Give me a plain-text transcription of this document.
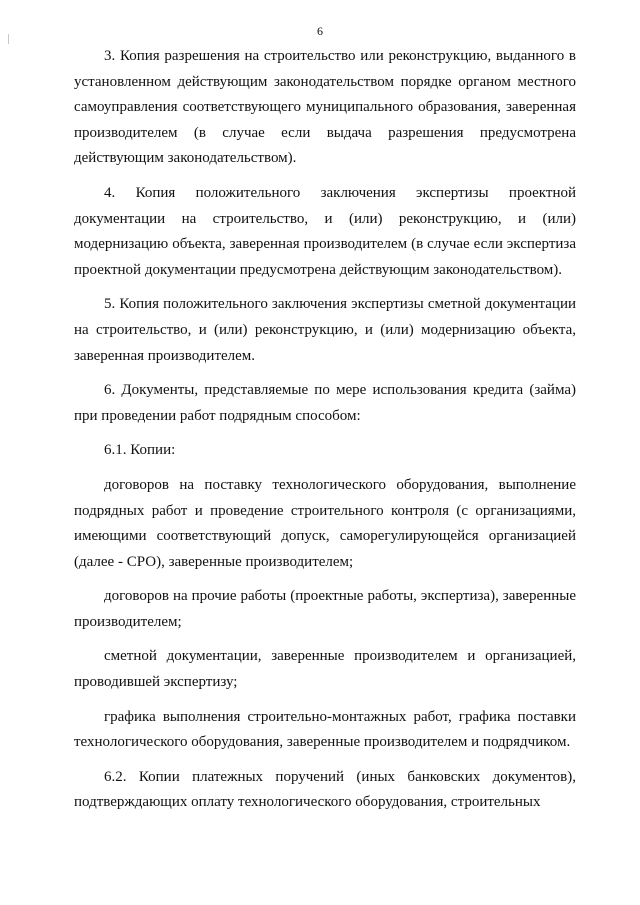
6

3. Копия разрешения на строительство или реконструкцию, выданного в установленном действующим законодательством порядке органом местного самоуправления соответствующего муниципального образования, заверенная производителем (в случае если выдача разрешения предусмотрена действующим законодательством).

4. Копия положительного заключения экспертизы проектной документации на строительство, и (или) реконструкцию, и (или) модернизацию объекта, заверенная производителем (в случае если экспертиза проектной документации предусмотрена действующим законодательством).

5. Копия положительного заключения экспертизы сметной документации на строительство, и (или) реконструкцию, и (или) модернизацию объекта, заверенная производителем.

6. Документы, представляемые по мере использования кредита (займа) при проведении работ подрядным способом:

6.1. Копии:

договоров на поставку технологического оборудования, выполнение подрядных работ и проведение строительного контроля (с организациями, имеющими соответствующий допуск, саморегулирующейся организацией (далее - СРО), заверенные производителем;

договоров на прочие работы (проектные работы, экспертиза), заверенные производителем;

сметной документации, заверенные производителем и организацией, проводившей экспертизу;

графика выполнения строительно-монтажных работ, графика поставки технологического оборудования, заверенные производителем и подрядчиком.

6.2. Копии платежных поручений (иных банковских документов), подтверждающих оплату технологического оборудования, строительных
